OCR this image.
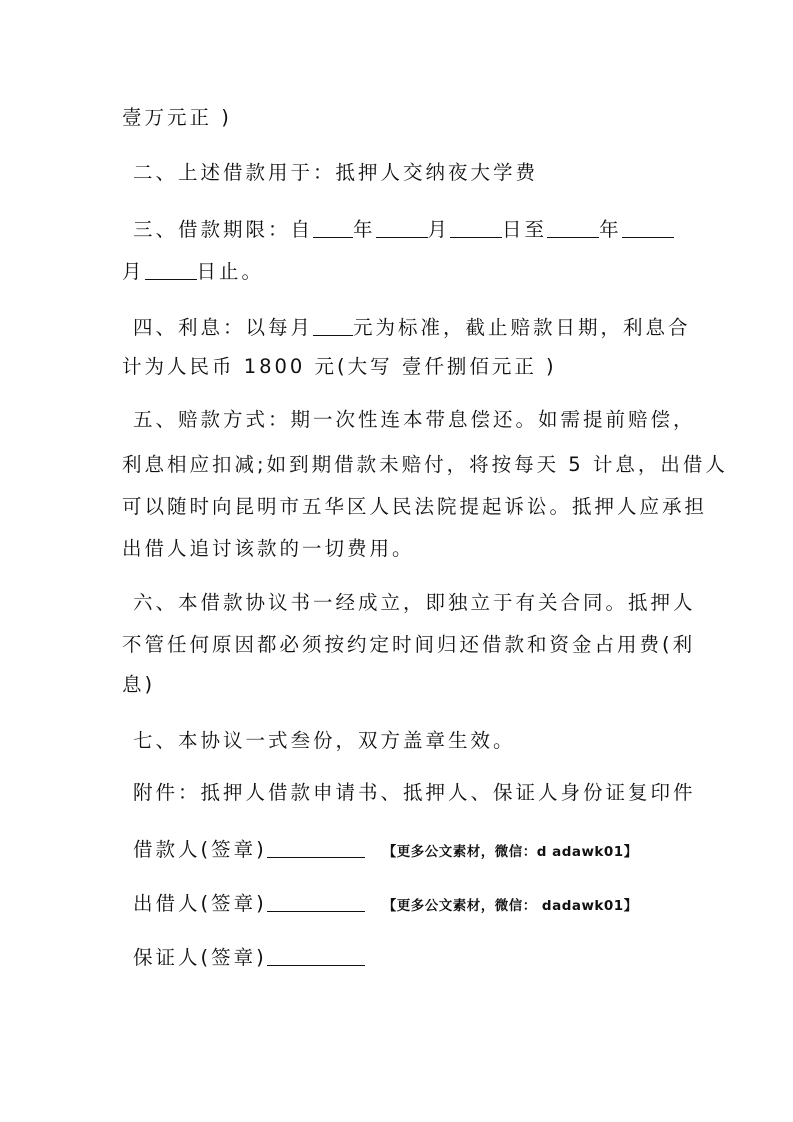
壹万元正 )
二、上述借款用于：抵押人交纳夜大学费
三、借款期限：自 年	月	日至	年
月	日止。
四、利息：以每月 元为标准，截止赔款日期，利息合
计为人民币 1800 元(大写 壹仟捌佰元正 )
五、赔款方式：期一次性连本带息偿还。如需提前赔偿，
利息相应扣减;如到期借款未赔付，将按每天 5 计息，出借人
可以随时向昆明市五华区人民法院提起诉讼。抵押人应承担
出借人追讨该款的一切费用。
六、本借款协议书一经成立，即独立于有关合同。抵押人
不管任何原因都必须按约定时间归还借款和资金占用费(利
息)
七、本协议一式叁份，双方盖章生效。
附件：抵押人借款申请书、抵押人、保证人身份证复印件
借款人(签章)	【更多公文素材，微信：d adawk01】
出借人(签章)	【更多公文素材，微信： dadawk01】
保证人(签章)
